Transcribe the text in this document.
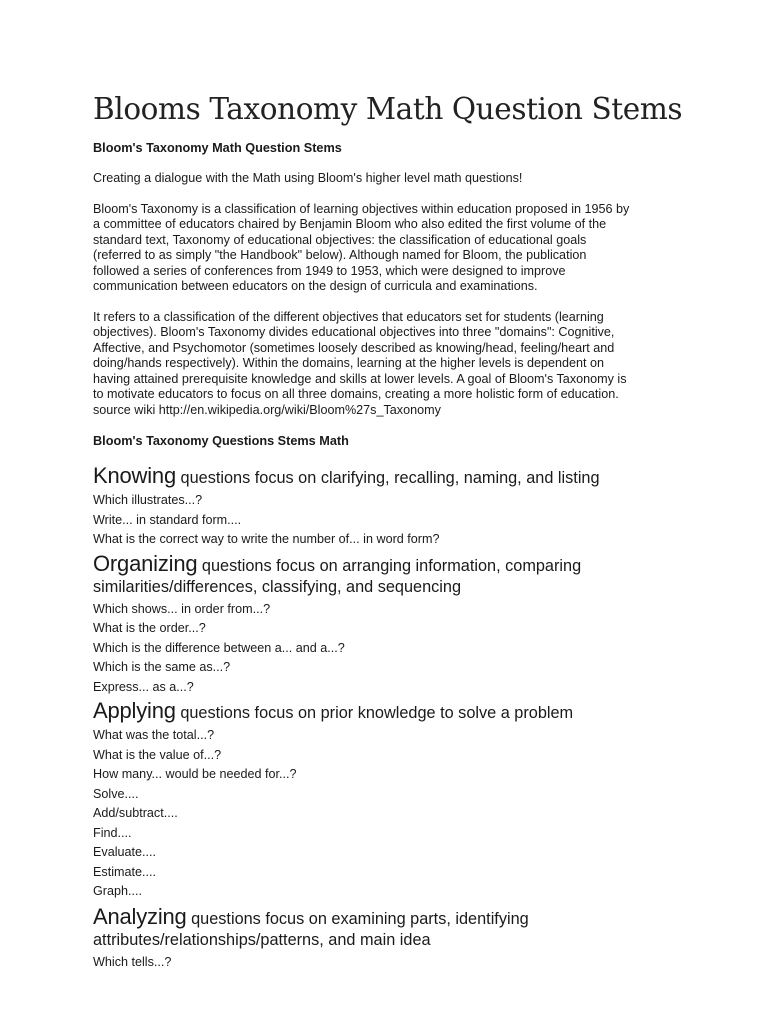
Blooms Taxonomy Math Question Stems

Bloom's Taxonomy Math Question Stems

Creating a dialogue with the Math using Bloom's higher level math questions!

Bloom's Taxonomy is a classification of learning objectives within education proposed in 1956 by
a committee of educators chaired by Benjamin Bloom who also edited the first volume of the
standard text, Taxonomy of educational objectives: the classification of educational goals
(referred to as simply "the Handbook" below). Although named for Bloom, the publication
followed a series of conferences from 1949 to 1953, which were designed to improve
communication between educators on the design of curricula and examinations.

It refers to a classification of the different objectives that educators set for students (learning
objectives). Bloom's Taxonomy divides educational objectives into three "domains": Cognitive,
Affective, and Psychomotor (sometimes loosely described as knowing/head, feeling/heart and
doing/hands respectively). Within the domains, learning at the higher levels is dependent on
having attained prerequisite knowledge and skills at lower levels. A goal of Bloom's Taxonomy is
to motivate educators to focus on all three domains, creating a more holistic form of education.
source wiki http://en.wikipedia.org/wiki/Bloom%27s_Taxonomy

Bloom's Taxonomy Questions Stems Math

Knowing questions focus on clarifying, recalling, naming, and listing
Which illustrates...?
Write... in standard form....
What is the correct way to write the number of... in word form?
Organizing questions focus on arranging information, comparing
similarities/differences, classifying, and sequencing
Which shows... in order from...?
What is the order...?
Which is the difference between a... and a...?
Which is the same as...?
Express... as a...?
Applying questions focus on prior knowledge to solve a problem
What was the total...?
What is the value of...?
How many... would be needed for...?
Solve....
Add/subtract....
Find....
Evaluate....
Estimate....
Graph....
Analyzing questions focus on examining parts, identifying
attributes/relationships/patterns, and main idea
Which tells...?
